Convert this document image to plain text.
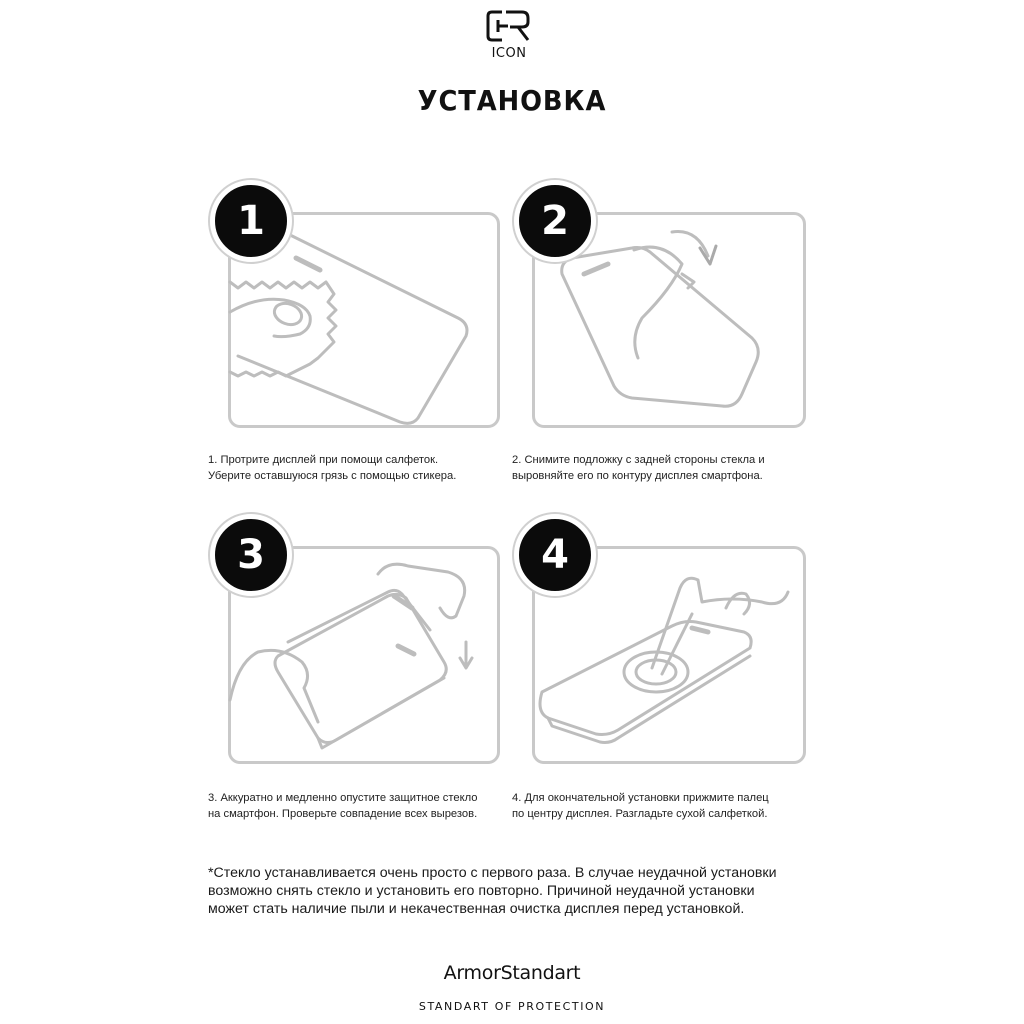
ICON
УСТАНОВКА
1
1. Протрите дисплей при помощи салфеток.
Уберите оставшуюся грязь с помощью стикера.
2
2. Снимите подложку с задней стороны стекла и
выровняйте его по контуру дисплея смартфона.
3
3. Аккуратно и медленно опустите защитное стекло
на смартфон. Проверьте совпадение всех вырезов.
4
4. Для окончательной установки прижмите палец
по центру дисплея. Разгладьте сухой салфеткой.
*Стекло устанавливается очень просто с первого раза. В случае неудачной установки
возможно снять стекло и установить его повторно. Причиной неудачной установки
может стать наличие пыли и некачественная очистка дисплея перед установкой.
ArmorStandart
STANDART OF PROTECTION
